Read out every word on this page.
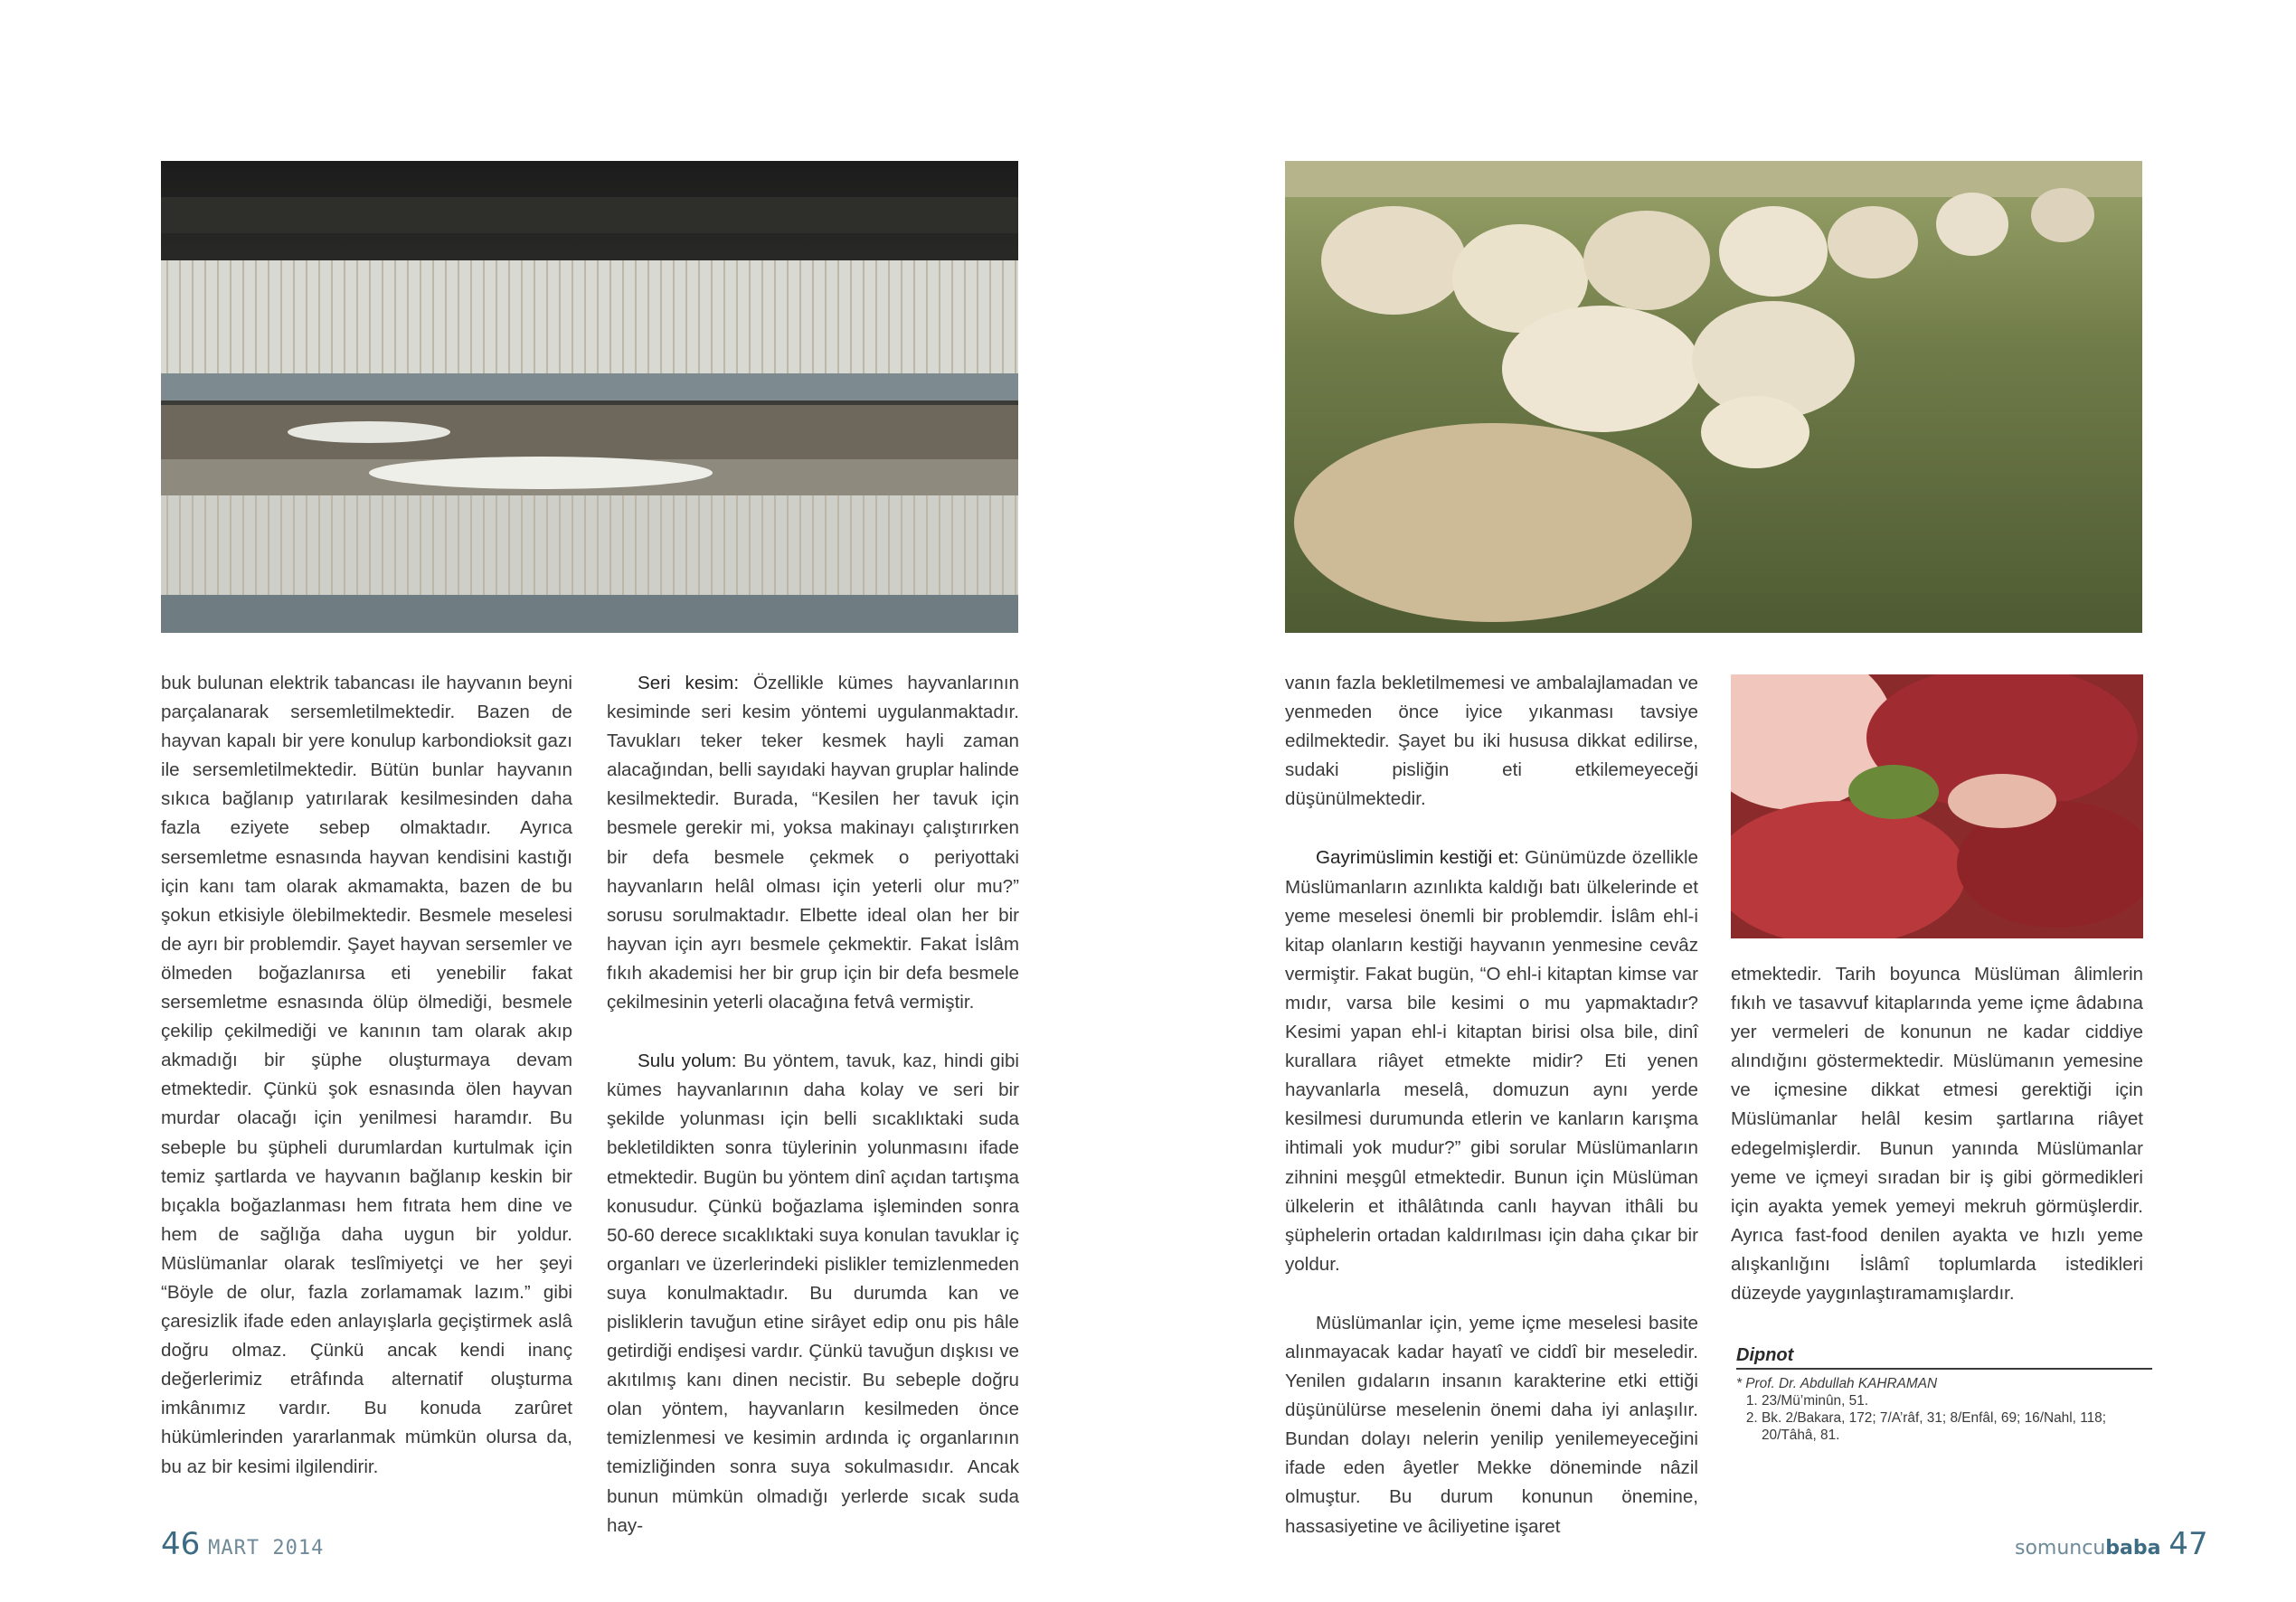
buk bulunan elektrik tabancası ile hayvanın beyni parçalanarak sersemletilmektedir. Bazen de hayvan kapalı bir yere konulup karbondioksit gazı ile sersemletilmektedir. Bütün bunlar hayvanın sıkıca bağlanıp yatırılarak kesilmesinden daha fazla eziyete sebep olmaktadır. Ayrıca sersemletme esnasında hayvan kendisini kastığı için kanı tam olarak akmamakta, bazen de bu şokun etkisiyle ölebilmektedir. Besmele meselesi de ayrı bir problemdir. Şayet hayvan sersemler ve ölmeden boğazlanırsa eti yenebilir fakat sersemletme esnasında ölüp ölmediği, besmele çekilip çekilmediği ve kanının tam olarak akıp akmadığı bir şüphe oluşturmaya devam etmektedir. Çünkü şok esnasında ölen hayvan murdar olacağı için yenilmesi haramdır. Bu sebeple bu şüpheli durumlardan kurtulmak için temiz şartlarda ve hayvanın bağlanıp keskin bir bıçakla boğazlanması hem fıtrata hem dine ve hem de sağlığa daha uygun bir yoldur. Müslümanlar olarak teslîmiyetçi ve her şeyi “Böyle de olur, fazla zorlamamak lazım.” gibi çaresizlik ifade eden anlayışlarla geçiştirmek aslâ doğru olmaz. Çünkü ancak kendi inanç değerlerimiz etrâfında alternatif oluşturma imkânımız vardır. Bu konuda zarûret hükümlerinden yararlanmak mümkün olursa da, bu az bir kesimi ilgilendirir.

Seri kesim: Özellikle kümes hayvanlarının kesiminde seri kesim yöntemi uygulanmaktadır. Tavukları teker teker kesmek hayli zaman alacağından, belli sayıdaki hayvan gruplar halinde kesilmektedir. Burada, “Kesilen her tavuk için besmele gerekir mi, yoksa makinayı çalıştırırken bir defa besmele çekmek o periyottaki hayvanların helâl olması için yeterli olur mu?” sorusu sorulmaktadır. Elbette ideal olan her bir hayvan için ayrı besmele çekmektir. Fakat İslâm fıkıh akademisi her bir grup için bir defa besmele çekilmesinin yeterli olacağına fetvâ vermiştir.

Sulu yolum: Bu yöntem, tavuk, kaz, hindi gibi kümes hayvanlarının daha kolay ve seri bir şekilde yolunması için belli sıcaklıktaki suda bekletildikten sonra tüylerinin yolunmasını ifade etmektedir. Bugün bu yöntem dinî açıdan tartışma konusudur. Çünkü boğazlama işleminden sonra 50-60 derece sıcaklıktaki suya konulan tavuklar iç organları ve üzerlerindeki pislikler temizlenmeden suya konulmaktadır. Bu durumda kan ve pisliklerin tavuğun etine sirâyet edip onu pis hâle getirdiği endişesi vardır. Çünkü tavuğun dışkısı ve akıtılmış kanı dinen necistir. Bu sebeple doğru olan yöntem, hayvanların kesilmeden önce temizlenmesi ve kesimin ardında iç organlarının temizliğinden sonra suya sokulmasıdır. Ancak bunun mümkün olmadığı yerlerde sıcak suda hay-

vanın fazla bekletilmemesi ve ambalajlamadan ve yenmeden önce iyice yıkanması tavsiye edilmektedir. Şayet bu iki hususa dikkat edilirse, sudaki pisliğin eti etkilemeyeceği düşünülmektedir.

Gayrimüslimin kestiği et: Günümüzde özellikle Müslümanların azınlıkta kaldığı batı ülkelerinde et yeme meselesi önemli bir problemdir. İslâm ehl-i kitap olanların kestiği hayvanın yenmesine cevâz vermiştir. Fakat bugün, “O ehl-i kitaptan kimse var mıdır, varsa bile kesimi o mu yapmaktadır? Kesimi yapan ehl-i kitaptan birisi olsa bile, dinî kurallara riâyet etmekte midir? Eti yenen hayvanlarla meselâ, domuzun aynı yerde kesilmesi durumunda etlerin ve kanların karışma ihtimali yok mudur?” gibi sorular Müslümanların zihnini meşgûl etmektedir. Bunun için Müslüman ülkelerin et ithâlâtında canlı hayvan ithâli bu şüphelerin ortadan kaldırılması için daha çıkar bir yoldur.

Müslümanlar için, yeme içme meselesi basite alınmayacak kadar hayatî ve ciddî bir meseledir. Yenilen gıdaların insanın karakterine etki ettiği düşünülürse meselenin önemi daha iyi anlaşılır. Bundan dolayı nelerin yenilip yenilemeyeceğini ifade eden âyetler Mekke döneminde nâzil olmuştur. Bu durum konunun önemine, hassasiyetine ve âciliyetine işaret

etmektedir. Tarih boyunca Müslüman âlimlerin fıkıh ve tasavvuf kitaplarında yeme içme âdabına yer vermeleri de konunun ne kadar ciddiye alındığını göstermektedir. Müslümanın yemesine ve içmesine dikkat etmesi gerektiği için Müslümanlar helâl kesim şartlarına riâyet edegelmişlerdir. Bunun yanında Müslümanlar yeme ve içmeyi sıradan bir iş gibi görmedikleri için ayakta yemek yemeyi mekruh görmüşlerdir. Ayrıca fast-food denilen ayakta ve hızlı yeme alışkanlığını İslâmî toplumlarda istedikleri düzeyde yaygınlaştıramamışlardır.

Dipnot
* Prof. Dr. Abdullah KAHRAMAN
1. 23/Mü’minûn, 51.
2. Bk. 2/Bakara, 172; 7/A’râf, 31; 8/Enfâl, 69; 16/Nahl, 118; 20/Tâhâ, 81.
46 MART 2014	somuncubaba 47
